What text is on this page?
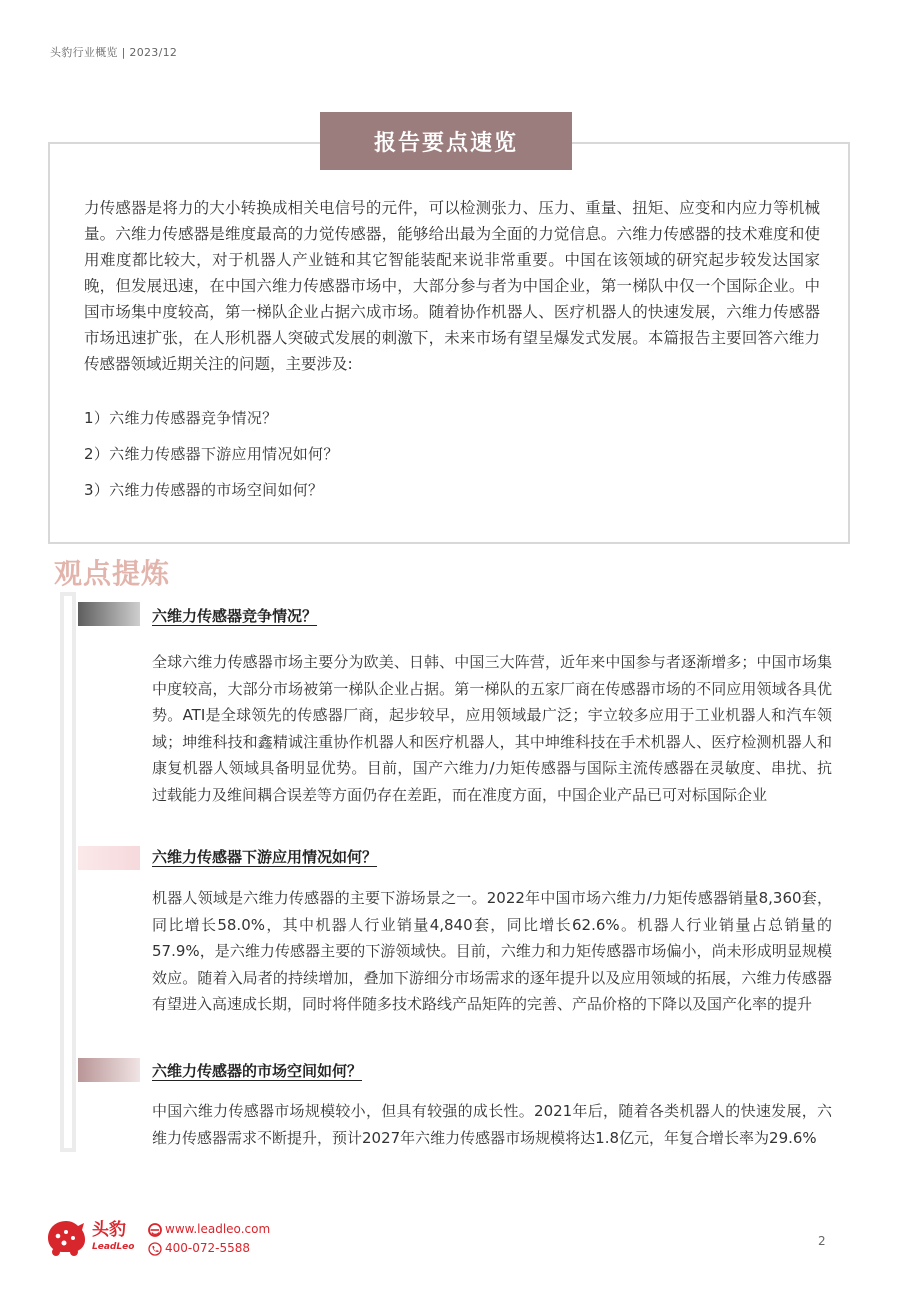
头豹行业概览 | 2023/12
报告要点速览

力传感器是将力的大小转换成相关电信号的元件，可以检测张力、压力、重量、扭矩、应变和内应力等机械量。六维力传感器是维度最高的力觉传感器，能够给出最为全面的力觉信息。六维力传感器的技术难度和使用难度都比较大，对于机器人产业链和其它智能装配来说非常重要。中国在该领域的研究起步较发达国家晚，但发展迅速，在中国六维力传感器市场中，大部分参与者为中国企业，第一梯队中仅一个国际企业。中国市场集中度较高，第一梯队企业占据六成市场。随着协作机器人、医疗机器人的快速发展，六维力传感器市场迅速扩张，在人形机器人突破式发展的刺激下，未来市场有望呈爆发式发展。本篇报告主要回答六维力传感器领域近期关注的问题，主要涉及:

1）六维力传感器竞争情况？
2）六维力传感器下游应用情况如何？
3）六维力传感器的市场空间如何？
观点提炼
六维力传感器竞争情况？

全球六维力传感器市场主要分为欧美、日韩、中国三大阵营，近年来中国参与者逐渐增多；中国市场集中度较高，大部分市场被第一梯队企业占据。第一梯队的五家厂商在传感器市场的不同应用领域各具优势。ATI是全球领先的传感器厂商，起步较早，应用领域最广泛；宇立较多应用于工业机器人和汽车领域；坤维科技和鑫精诚注重协作机器人和医疗机器人，其中坤维科技在手术机器人、医疗检测机器人和康复机器人领域具备明显优势。目前，国产六维力/力矩传感器与国际主流传感器在灵敏度、串扰、抗过载能力及维间耦合误差等方面仍存在差距，而在准度方面，中国企业产品已可对标国际企业

六维力传感器下游应用情况如何？

机器人领域是六维力传感器的主要下游场景之一。2022年中国市场六维力/力矩传感器销量8,360套，同比增长58.0%，其中机器人行业销量4,840套，同比增长62.6%。机器人行业销量占总销量的57.9%，是六维力传感器主要的下游领域快。目前，六维力和力矩传感器市场偏小，尚未形成明显规模效应。随着入局者的持续增加，叠加下游细分市场需求的逐年提升以及应用领域的拓展，六维力传感器有望进入高速成长期，同时将伴随多技术路线产品矩阵的完善、产品价格的下降以及国产化率的提升

六维力传感器的市场空间如何？

中国六维力传感器市场规模较小，但具有较强的成长性。2021年后，随着各类机器人的快速发展，六维力传感器需求不断提升，预计2027年六维力传感器市场规模将达1.8亿元，年复合增长率为29.6%

头豹
LeadLeo
www.leadleo.com
400-072-5588	2
